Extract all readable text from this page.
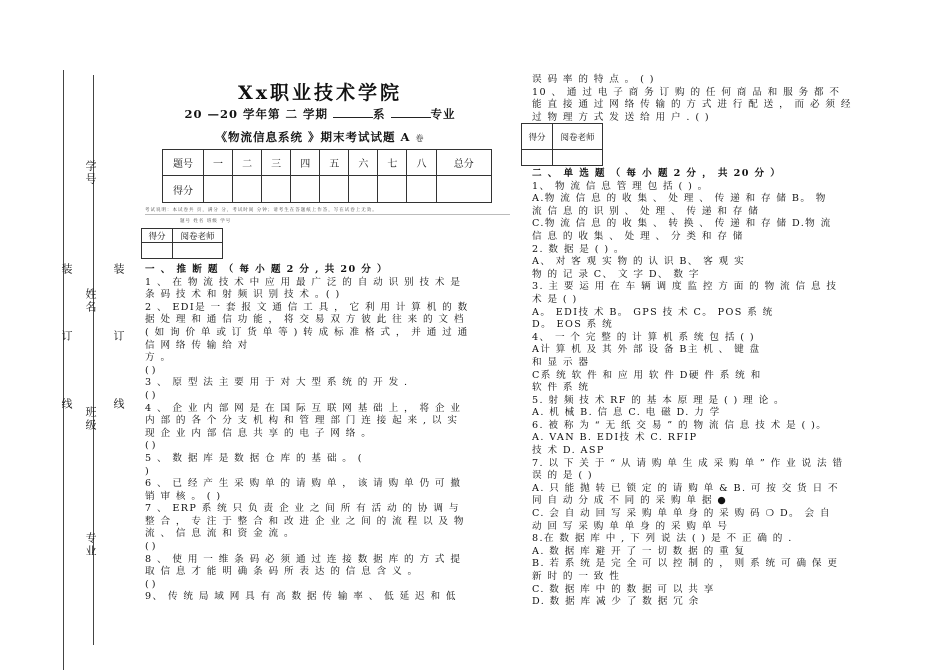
学号
姓名
班级
专业
装	装
订	订
线	线
Xx职业技术学院
20 —20 学年第 二 学期	系	专业
《物流信息系统 》期末考试试题 A 卷
题号	一	二	三	四	五	六	七	八	总分
得分									
考试说明：本试卷共 页，满分 分，考试时间 分钟；请考生在答题纸上作答，写在试卷上无效。
题号 姓名 班级 学号
得分	阅卷老师

一 、 推 断 题 （ 每 小 题 2 分 , 共 20 分 ）

1 、 在 物 流 技 术 中 应 用 最 广 泛 的 自 动 识 别 技 术 是

条 码 技 术 和 射 频 识 别 技 术 。( )

2 、 EDI是 一 套 报 文 通 信 工 具 ， 它 利 用 计 算 机 的 数

据 处 理 和 通 信 功 能 ， 将 交 易 双 方 彼 此 往 来 的 文 档

( 如 询 价 单 或 订 货 单 等 ) 转 成 标 准 格 式 ， 并 通 过 通

信 网 络 传 输 给 对

方 。

( )

3 、 原 型 法 主 要 用 于 对 大 型 系 统 的 开 发 .

( )

4 、 企 业 内 部 网 是 在 国 际 互 联 网 基 础 上 ， 将 企 业

内 部 的 各 个 分 支 机 构 和 管 理 部 门 连 接 起 来 , 以 实

现 企 业 内 部 信 息 共 享 的 电 子 网 络 。

( )

5 、 数 据 库 是 数 据 仓 库 的 基 础 。 (

)

6 、 已 经 产 生 采 购 单 的 请 购 单 ， 该 请 购 单 仍 可 撤

销 审 核 。 ( )

7 、 ERP 系 统 只 负 责 企 业 之 间 所 有 活 动 的 协 调 与

整 合 ， 专 注 于 整 合 和 改 进 企 业 之 间 的 流 程 以 及 物

流 、 信 息 流 和 资 金 流 。

( )

8 、 使 用 一 维 条 码 必 须 通 过 连 接 数 据 库 的 方 式 提

取 信 息 才 能 明 确 条 码 所 表 达 的 信 息 含 义 。

( )

9、 传 统 局 域 网 具 有 高 数 据 传 输 率 、 低 延 迟 和 低

误 码 率 的 特 点 。 ( )

10 、 通 过 电 子 商 务 订 购 的 任 何 商 品 和 服 务 都 不

能 直 接 通 过 网 络 传 输 的 方 式 进 行 配 送 ， 而 必 须 经

过 物 理 方 式 发 送 给 用 户 . ( )

得分	阅卷老师

二 、 单 选 题 （ 每 小 题 2 分 ， 共 20 分 ）

1、 物 流 信 息 管 理 包 括 ( ) 。

A.物 流 信 息 的 收 集 、 处 理 、 传 递 和 存 储 B。 物

流 信 息 的 识 别 、 处 理 、 传 递 和 存 储

C.物 流 信 息 的 收 集 、 转 换 、 传 递 和 存 储 D.物 流

信 息 的 收 集 、 处 理 、 分 类 和 存 储

2. 数 据 是 ( ) 。

A、 对 客 观 实 物 的 认 识 B、 客 观 实

物 的 记 录 C、 文 字 D、 数 字

3. 主 要 运 用 在 车 辆 调 度 监 控 方 面 的 物 流 信 息 技

术 是 ( )

A。 EDI技 术 B。 GPS 技 术 C。 POS 系 统

D。 EOS 系 统

4、 一 个 完 整 的 计 算 机 系 统 包 括 ( )

A计 算 机 及 其 外 部 设 备 B主 机 、 键 盘

和 显 示 器

C系 统 软 件 和 应 用 软 件 D硬 件 系 统 和

软 件 系 统

5. 射 频 技 术 RF 的 基 本 原 理 是 ( ) 理 论 。

A. 机 械 B. 信 息 C. 电 磁 D. 力 学

6. 被 称 为 “ 无 纸 交 易 ” 的 物 流 信 息 技 术 是 ( )。

A. VAN B. EDI技 术 C. RFIP

技 术 D. ASP

7. 以 下 关 于 “ 从 请 购 单 生 成 采 购 单 ” 作 业 说 法 错

误 的 是 ( )

A. 只 能 抛 转 已 锁 定 的 请 购 单 & B. 可 按 交 货 日 不

同 自 动 分 成 不 同 的 采 购 单 据 ●

C. 会 自 动 回 写 采 购 单 单 身 的 采 购 码 ❍ D。 会 自

动 回 写 采 购 单 单 身 的 采 购 单 号

8.在 数 据 库 中 , 下 列 说 法 ( ) 是 不 正 确 的 .

A. 数 据 库 避 开 了 一 切 数 据 的 重 复

B. 若 系 统 是 完 全 可 以 控 制 的 ， 则 系 统 可 确 保 更

新 时 的 一 致 性

C. 数 据 库 中 的 数 据 可 以 共 享

D. 数 据 库 减 少 了 数 据 冗 余
